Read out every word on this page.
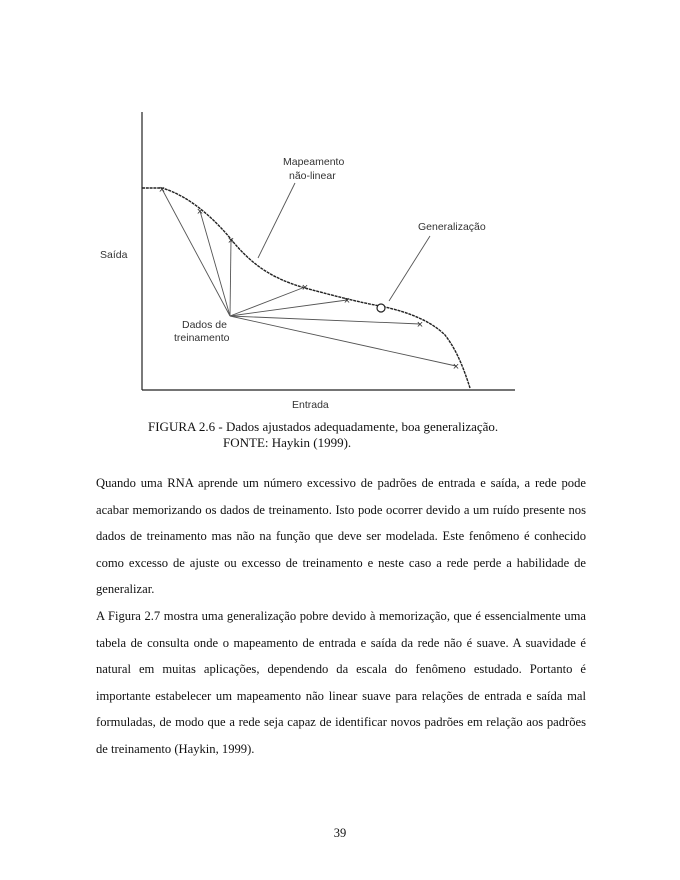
×
×
×
×
×
×
×
Saída
Entrada
Mapeamento
não-linear
Generalização
Dados de
treinamento
FIGURA 2.6 - Dados ajustados adequadamente, boa generalização.
FONTE: Haykin (1999).

Quando uma RNA aprende um número excessivo de padrões de entrada e saída, a rede pode acabar memorizando os dados de treinamento. Isto pode ocorrer devido a um ruído presente nos dados de treinamento mas não na função que deve ser modelada. Este fenômeno é conhecido como excesso de ajuste ou excesso de treinamento e neste caso a rede perde a habilidade de generalizar.

A Figura 2.7 mostra uma generalização pobre devido à memorização, que é essencialmente uma tabela de consulta onde o mapeamento de entrada e saída da rede não é suave. A suavidade é natural em muitas aplicações, dependendo da escala do fenômeno estudado. Portanto é importante estabelecer um mapeamento não linear suave para relações de entrada e saída mal formuladas, de modo que a rede seja capaz de identificar novos padrões em relação aos padrões de treinamento (Haykin, 1999).

39
